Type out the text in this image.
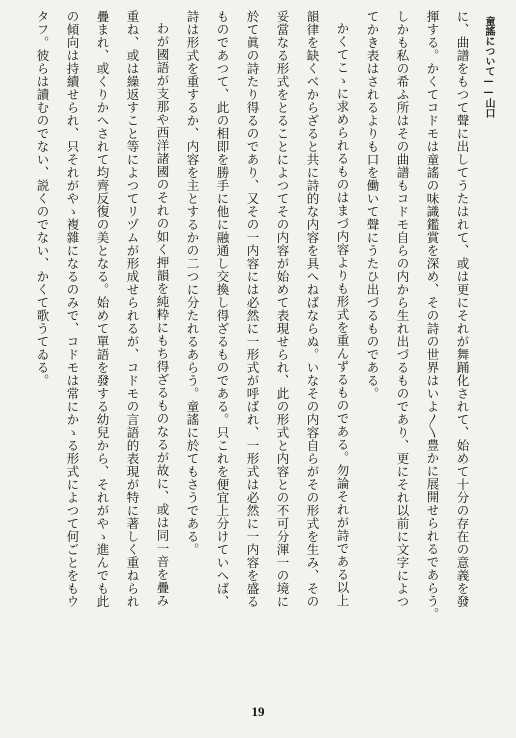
童謠について——山口
に、曲譜をもつて聲に出してうたはれて、或は更にそれが舞踊化されて、始めて十分の存在の意義を發
揮する。かくてコドモは童謠の味識鑑賞を深め、その詩の世界はいよ〳〵豊かに展開せられるであらう。
しかも私の希ふ所はその曲譜もコドモ自らの内から生れ出づるものであり、更にそれ以前に文字によつ
てかき表はされるよりも口を働いて聲にうたひ出づるものである。
かくてこゝに求められるものはまづ内容よりも形式を重んずるものである。勿論それが詩である以上
韻律を缺くべからざると共に詩的な内容を具へねばならぬ。いなその内容自らがその形式を生み、その
妥當なる形式をとることによつてその内容が始めて表現せられ、此の形式と内容との不可分渾一の境に
於て眞の詩たり得るのであり、又その一内容には必然に一形式が呼ばれ、一形式は必然に一内容を盛る
ものであつて、此の相即を勝手に他に融通し交換し得ざるものである。只これを便宜上分けていへば、
詩は形式を重するか、内容を主とするかの二つに分たれるあらう。童謠に於てもさうである。
わが國語が支那や西洋諸國のそれの如く押韻を純粋にもち得ざるものなるが故に、或は同一音を疊み
重ね、或は繰返すこと等によつてリヅムが形成せられるが、コドモの言語的表現が特に著しく重ねられ
疊まれ、或くりかへされて均齊反復の美となる。始めて單語を發する幼兒から、それがやゝ進んでも此
の傾向は持續せられ、只それがやゝ複雜になるのみで、コドモは常にかゝる形式によつて何ごとをもウ
タフ。彼らは讀むのでない、説くのでない、かくて歌うてゐる。
19
